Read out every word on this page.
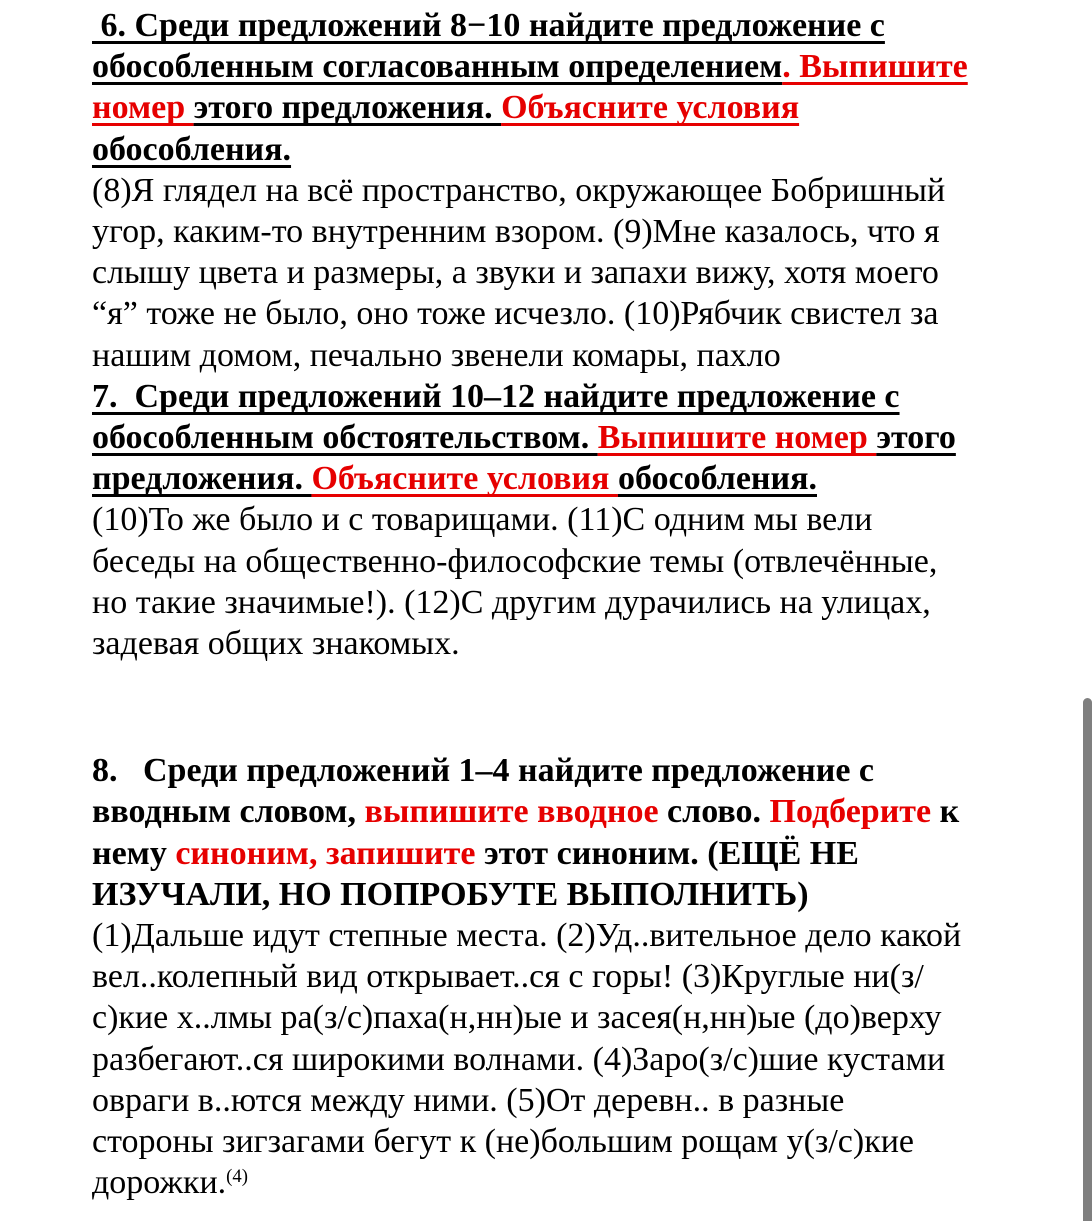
6. Среди предложений 8−10 найдите предложение с
обособленным согласованным определением. Выпишите
номер этого предложения. Объясните условия
обособления.
(8)Я глядел на всё пространство, окружающее Бобришный
угор, каким-то внутренним взором. (9)Мне казалось, что я
слышу цвета и размеры, а звуки и запахи вижу, хотя моего
“я” тоже не было, оно тоже исчезло. (10)Рябчик свистел за
нашим домом, печально звенели комары, пахло
7.  Среди предложений 10–12 найдите предложение с
обособленным обстоятельством. Выпишите номер этого
предложения. Объясните условия обособления.
(10)То же было и с товарищами. (11)С одним мы вели
беседы на общественно-философские темы (отвлечённые,
но такие значимые!). (12)С другим дурачились на улицах,
задевая общих знакомых.
8.   Среди предложений 1–4 найдите предложение с
вводным словом, выпишите вводное слово. Подберите к
нему синоним, запишите этот синоним. (ЕЩЁ НЕ
ИЗУЧАЛИ, НО ПОПРОБУТЕ ВЫПОЛНИТЬ)
(1)Дальше идут степные места. (2)Уд..вительное дело какой
вел..колепный вид открывает..ся с горы! (3)Круглые ни(з/
с)кие х..лмы ра(з/с)паха(н,нн)ые и засея(н,нн)ые (до)верху
разбегают..ся широкими волнами. (4)Заро(з/с)шие кустами
овраги в..ются между ними. (5)От деревн.. в разные
стороны зигзагами бегут к (не)большим рощам у(з/с)кие
дорожки.$^{(4)}$
